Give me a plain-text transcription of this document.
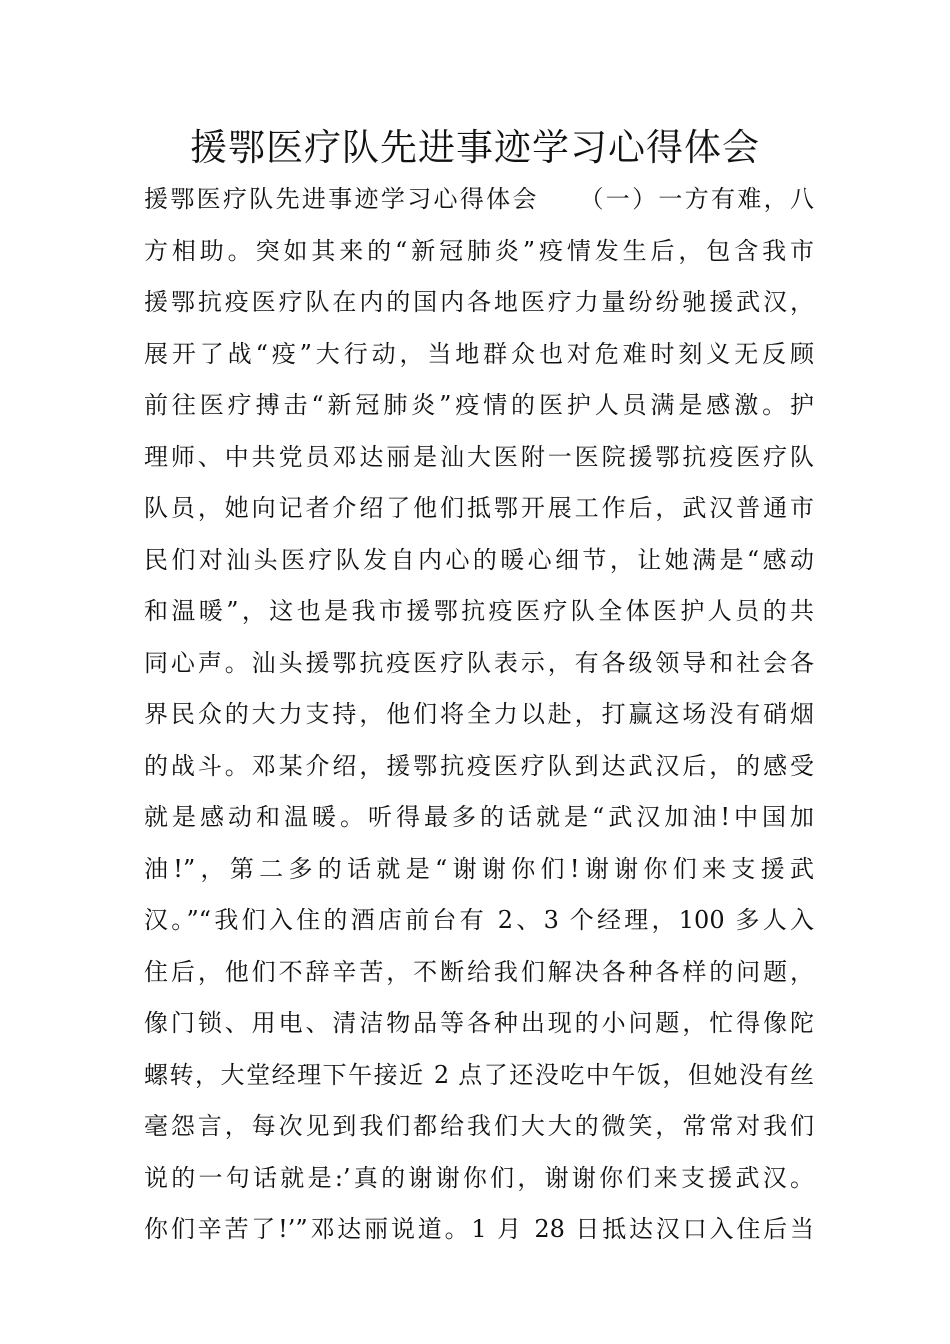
援鄂医疗队先进事迹学习心得体会
援鄂医疗队先进事迹学习心得体会　　（一）一方有难，八
方相助。突如其来的“新冠肺炎”疫情发生后，包含我市
援鄂抗疫医疗队在内的国内各地医疗力量纷纷驰援武汉，
展开了战“疫”大行动，当地群众也对危难时刻义无反顾
前往医疗搏击“新冠肺炎”疫情的医护人员满是感激。护
理师、中共党员邓达丽是汕大医附一医院援鄂抗疫医疗队
队员，她向记者介绍了他们抵鄂开展工作后，武汉普通市
民们对汕头医疗队发自内心的暖心细节，让她满是“感动
和温暖”，这也是我市援鄂抗疫医疗队全体医护人员的共
同心声。汕头援鄂抗疫医疗队表示，有各级领导和社会各
界民众的大力支持，他们将全力以赴，打赢这场没有硝烟
的战斗。邓某介绍，援鄂抗疫医疗队到达武汉后，的感受
就是感动和温暖。听得最多的话就是“武汉加油!中国加
油!”，第二多的话就是“谢谢你们!谢谢你们来支援武
汉。”“我们入住的酒店前台有 2、3 个经理，100 多人入
住后，他们不辞辛苦，不断给我们解决各种各样的问题，
像门锁、用电、清洁物品等各种出现的小问题，忙得像陀
螺转，大堂经理下午接近 2 点了还没吃中午饭，但她没有丝
毫怨言，每次见到我们都给我们大大的微笑，常常对我们
说的一句话就是:’真的谢谢你们，谢谢你们来支援武汉。
你们辛苦了!’”邓达丽说道。1 月 28 日抵达汉口入住后当
